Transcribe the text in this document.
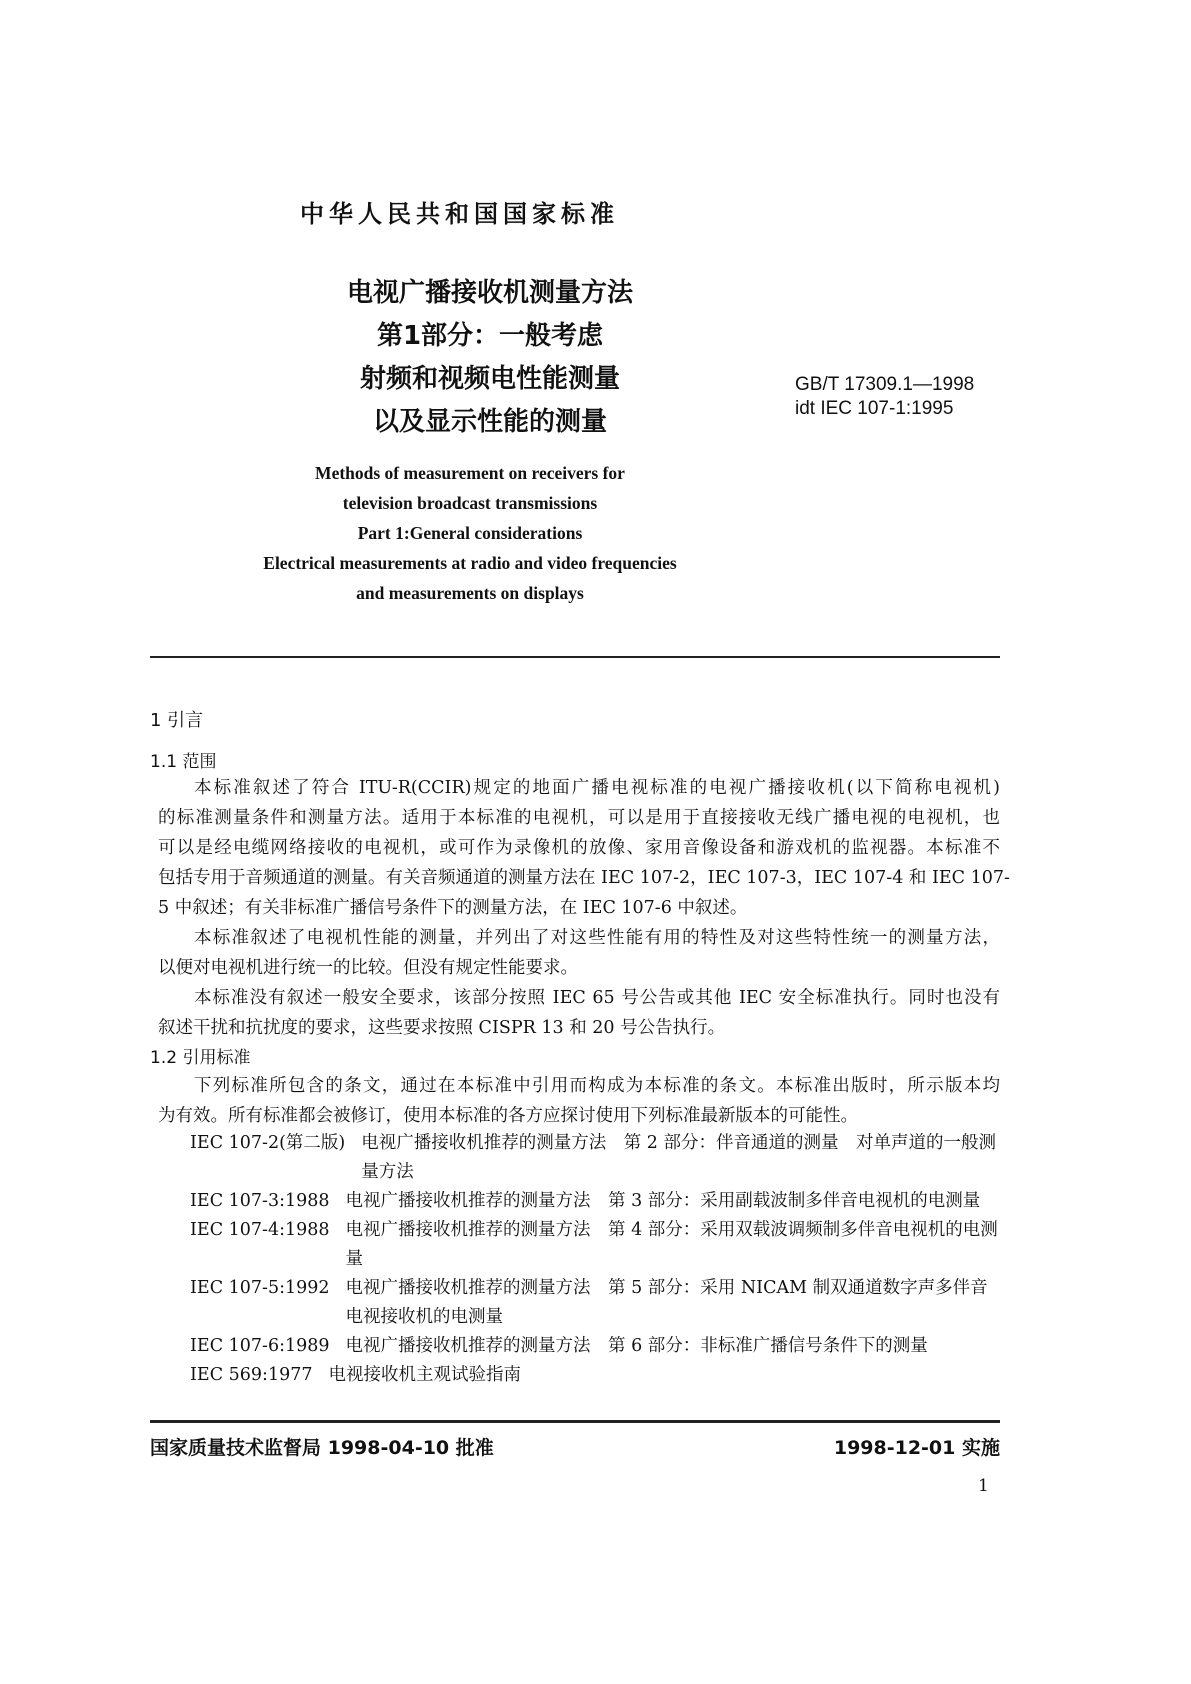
中华人民共和国国家标准
电视广播接收机测量方法
第1部分：一般考虑
射频和视频电性能测量
以及显示性能的测量
GB/T 17309.1—1998
idt IEC 107-1:1995
Methods of measurement on receivers for
television broadcast transmissions
Part 1:General considerations
Electrical measurements at radio and video frequencies
and measurements on displays
1 引言
1.1 范围
本标准叙述了符合 ITU-R(CCIR)规定的地面广播电视标准的电视广播接收机(以下简称电视机)
的标准测量条件和测量方法。适用于本标准的电视机，可以是用于直接接收无线广播电视的电视机，也
可以是经电缆网络接收的电视机，或可作为录像机的放像、家用音像设备和游戏机的监视器。本标准不
包括专用于音频通道的测量。有关音频通道的测量方法在 IEC 107-2，IEC 107-3，IEC 107-4 和 IEC 107-
5 中叙述；有关非标准广播信号条件下的测量方法，在 IEC 107-6 中叙述。
本标准叙述了电视机性能的测量，并列出了对这些性能有用的特性及对这些特性统一的测量方法，
以便对电视机进行统一的比较。但没有规定性能要求。
本标准没有叙述一般安全要求，该部分按照 IEC 65 号公告或其他 IEC 安全标准执行。同时也没有
叙述干扰和抗扰度的要求，这些要求按照 CISPR 13 和 20 号公告执行。
1.2 引用标准
下列标准所包含的条文，通过在本标准中引用而构成为本标准的条文。本标准出版时，所示版本均
为有效。所有标准都会被修订，使用本标准的各方应探讨使用下列标准最新版本的可能性。
IEC 107-2(第二版) 电视广播接收机推荐的测量方法　第 2 部分：伴音通道的测量　对单声道的一般测量方法
IEC 107-3:1988 电视广播接收机推荐的测量方法　第 3 部分：采用副载波制多伴音电视机的电测量
IEC 107-4:1988 电视广播接收机推荐的测量方法　第 4 部分：采用双载波调频制多伴音电视机的电测量
IEC 107-5:1992 电视广播接收机推荐的测量方法　第 5 部分：采用 NICAM 制双通道数字声多伴音电视接收机的电测量
IEC 107-6:1989 电视广播接收机推荐的测量方法　第 6 部分：非标准广播信号条件下的测量
IEC 569:1977 电视接收机主观试验指南
国家质量技术监督局 1998-04-10 批准	1998-12-01 实施
1
